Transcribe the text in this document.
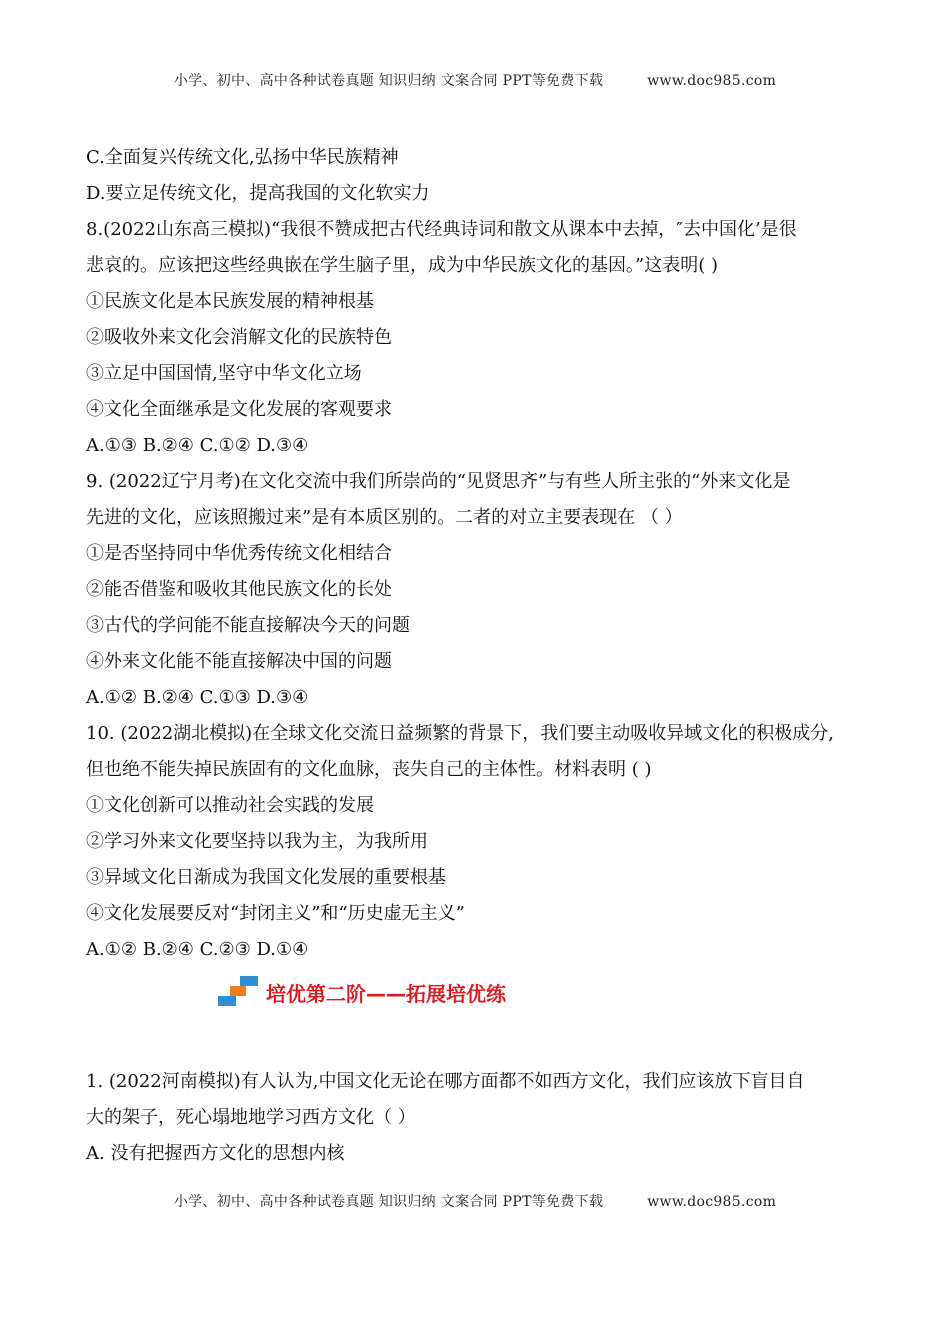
小学、初中、高中各种试卷真题 知识归纳 文案合同 PPT等免费下载	www.doc985.com
C.全面复兴传统文化,弘扬中华民族精神
D.要立足传统文化，提高我国的文化软实力
8.(2022山东高三模拟)“我很不赞成把古代经典诗词和散文从课本中去掉，″去中国化’是很
悲哀的。应该把这些经典嵌在学生脑子里，成为中华民族文化的基因。”这表明( )
①民族文化是本民族发展的精神根基
②吸收外来文化会消解文化的民族特色
③立足中国国情,坚守中华文化立场
④文化全面继承是文化发展的客观要求
A.①③ B.②④ C.①② D.③④
9. (2022辽宁月考)在文化交流中我们所崇尚的“见贤思齐”与有些人所主张的“外来文化是
先进的文化，应该照搬过来”是有本质区别的。二者的对立主要表现在 （ ）
①是否坚持同中华优秀传统文化相结合
②能否借鉴和吸收其他民族文化的长处
③古代的学问能不能直接解决今天的问题
④外来文化能不能直接解决中国的问题
A.①② B.②④ C.①③ D.③④
10. (2022湖北模拟)在全球文化交流日益频繁的背景下，我们要主动吸收异域文化的积极成分,
但也绝不能失掉民族固有的文化血脉，丧失自己的主体性。材料表明 ( )
①文化创新可以推动社会实践的发展
②学习外来文化要坚持以我为主，为我所用
③异域文化日渐成为我国文化发展的重要根基
④文化发展要反对“封闭主义”和“历史虚无主义”
A.①② B.②④ C.②③ D.①④
培优第二阶——拓展培优练
1. (2022河南模拟)有人认为,中国文化无论在哪方面都不如西方文化，我们应该放下盲目自
大的架子，死心塌地地学习西方文化（ ）
A. 没有把握西方文化的思想内核
小学、初中、高中各种试卷真题 知识归纳 文案合同 PPT等免费下载	www.doc985.com
